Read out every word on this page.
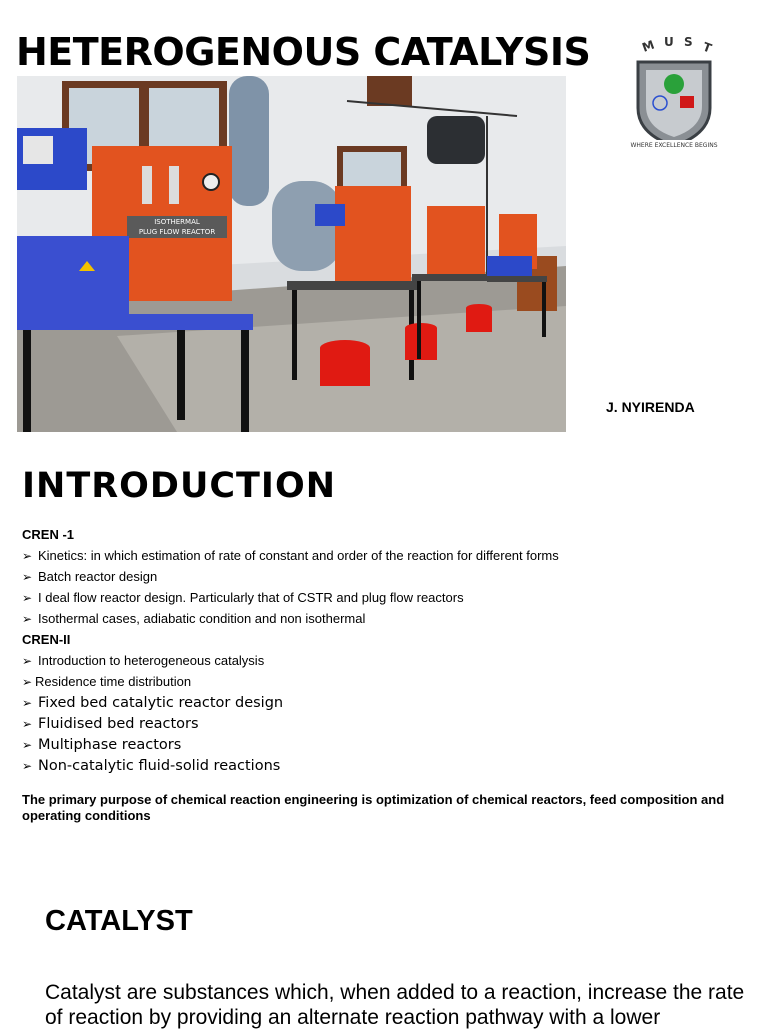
HETEROGENOUS CATALYSIS
ISOTHERMAL
PLUG FLOW REACTOR
M U S T
WHERE EXCELLENCE BEGINS
J. NYIRENDA
INTRODUCTION
CREN -1
➢ Kinetics: in which estimation of rate of constant and order of the reaction for different forms
➢ Batch reactor design
➢ I deal flow reactor design. Particularly that of CSTR and plug flow reactors
➢ Isothermal cases, adiabatic condition and non isothermal
CREN-II
➢ Introduction to heterogeneous catalysis
➢ Residence time distribution
➢ Fixed bed catalytic reactor design
➢ Fluidised bed reactors
➢ Multiphase reactors
➢ Non-catalytic fluid-solid reactions
The primary purpose of chemical reaction engineering is optimization of chemical reactors, feed composition and operating conditions
CATALYST

Catalyst are substances which, when added to a reaction, increase the rate of reaction by providing an alternate reaction pathway with a lower
